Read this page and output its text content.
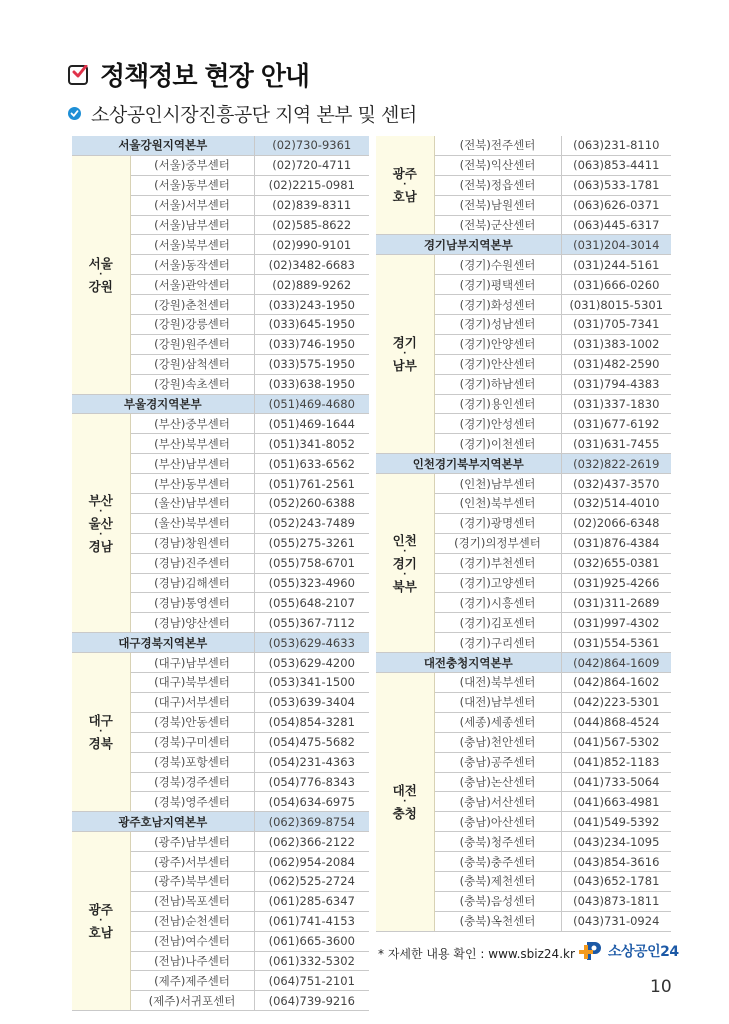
정책정보 현장 안내
소상공인시장진흥공단 지역 본부 및 센터
서울강원지역본부		(02)730-9361

서울
·
강원	(서울)중부센터	(02)720-4711
	(서울)동부센터	(02)2215-0981
	(서울)서부센터	(02)839-8311
	(서울)남부센터	(02)585-8622
	(서울)북부센터	(02)990-9101
	(서울)동작센터	(02)3482-6683
	(서울)관악센터	(02)889-9262
	(강원)춘천센터	(033)243-1950
	(강원)강릉센터	(033)645-1950
	(강원)원주센터	(033)746-1950
	(강원)삼척센터	(033)575-1950
	(강원)속초센터	(033)638-1950
부울경지역본부		(051)469-4680

부산
·
울산
·
경남	(부산)중부센터	(051)469-1644
	(부산)북부센터	(051)341-8052
	(부산)남부센터	(051)633-6562
	(부산)동부센터	(051)761-2561
	(울산)남부센터	(052)260-6388
	(울산)북부센터	(052)243-7489
	(경남)창원센터	(055)275-3261
	(경남)진주센터	(055)758-6701
	(경남)김해센터	(055)323-4960
	(경남)통영센터	(055)648-2107
	(경남)양산센터	(055)367-7112
대구경북지역본부		(053)629-4633

대구
·
경북	(대구)남부센터	(053)629-4200
	(대구)북부센터	(053)341-1500
	(대구)서부센터	(053)639-3404
	(경북)안동센터	(054)854-3281
	(경북)구미센터	(054)475-5682
	(경북)포항센터	(054)231-4363
	(경북)경주센터	(054)776-8343
	(경북)영주센터	(054)634-6975
광주호남지역본부		(062)369-8754

광주
·
호남	(광주)남부센터	(062)366-2122
	(광주)서부센터	(062)954-2084
	(광주)북부센터	(062)525-2724
	(전남)목포센터	(061)285-6347
	(전남)순천센터	(061)741-4153
	(전남)여수센터	(061)665-3600
	(전남)나주센터	(061)332-5302
	(제주)제주센터	(064)751-2101
	(제주)서귀포센터	(064)739-9216
광주
·
호남	(전북)전주센터	(063)231-8110
	(전북)익산센터	(063)853-4411
	(전북)정읍센터	(063)533-1781
	(전북)남원센터	(063)626-0371
	(전북)군산센터	(063)445-6317
경기남부지역본부		(031)204-3014

경기
·
남부	(경기)수원센터	(031)244-5161
	(경기)평택센터	(031)666-0260
	(경기)화성센터	(031)8015-5301
	(경기)성남센터	(031)705-7341
	(경기)안양센터	(031)383-1002
	(경기)안산센터	(031)482-2590
	(경기)하남센터	(031)794-4383
	(경기)용인센터	(031)337-1830
	(경기)안성센터	(031)677-6192
	(경기)이천센터	(031)631-7455
인천경기북부지역본부		(032)822-2619

인천
·
경기
·
북부	(인천)남부센터	(032)437-3570
	(인천)북부센터	(032)514-4010
	(경기)광명센터	(02)2066-6348
	(경기)의정부센터	(031)876-4384
	(경기)부천센터	(032)655-0381
	(경기)고양센터	(031)925-4266
	(경기)시흥센터	(031)311-2689
	(경기)김포센터	(031)997-4302
	(경기)구리센터	(031)554-5361
대전충청지역본부		(042)864-1609

대전
·
충청	(대전)북부센터	(042)864-1602
	(대전)남부센터	(042)223-5301
	(세종)세종센터	(044)868-4524
	(충남)천안센터	(041)567-5302
	(충남)공주센터	(041)852-1183
	(충남)논산센터	(041)733-5064
	(충남)서산센터	(041)663-4981
	(충남)아산센터	(041)549-5392
	(충북)청주센터	(043)234-1095
	(충북)충주센터	(043)854-3616
	(충북)제천센터	(043)652-1781
	(충북)음성센터	(043)873-1811
	(충북)옥천센터	(043)731-0924
* 자세한 내용 확인 : www.sbiz24.kr 소상공인24
10
